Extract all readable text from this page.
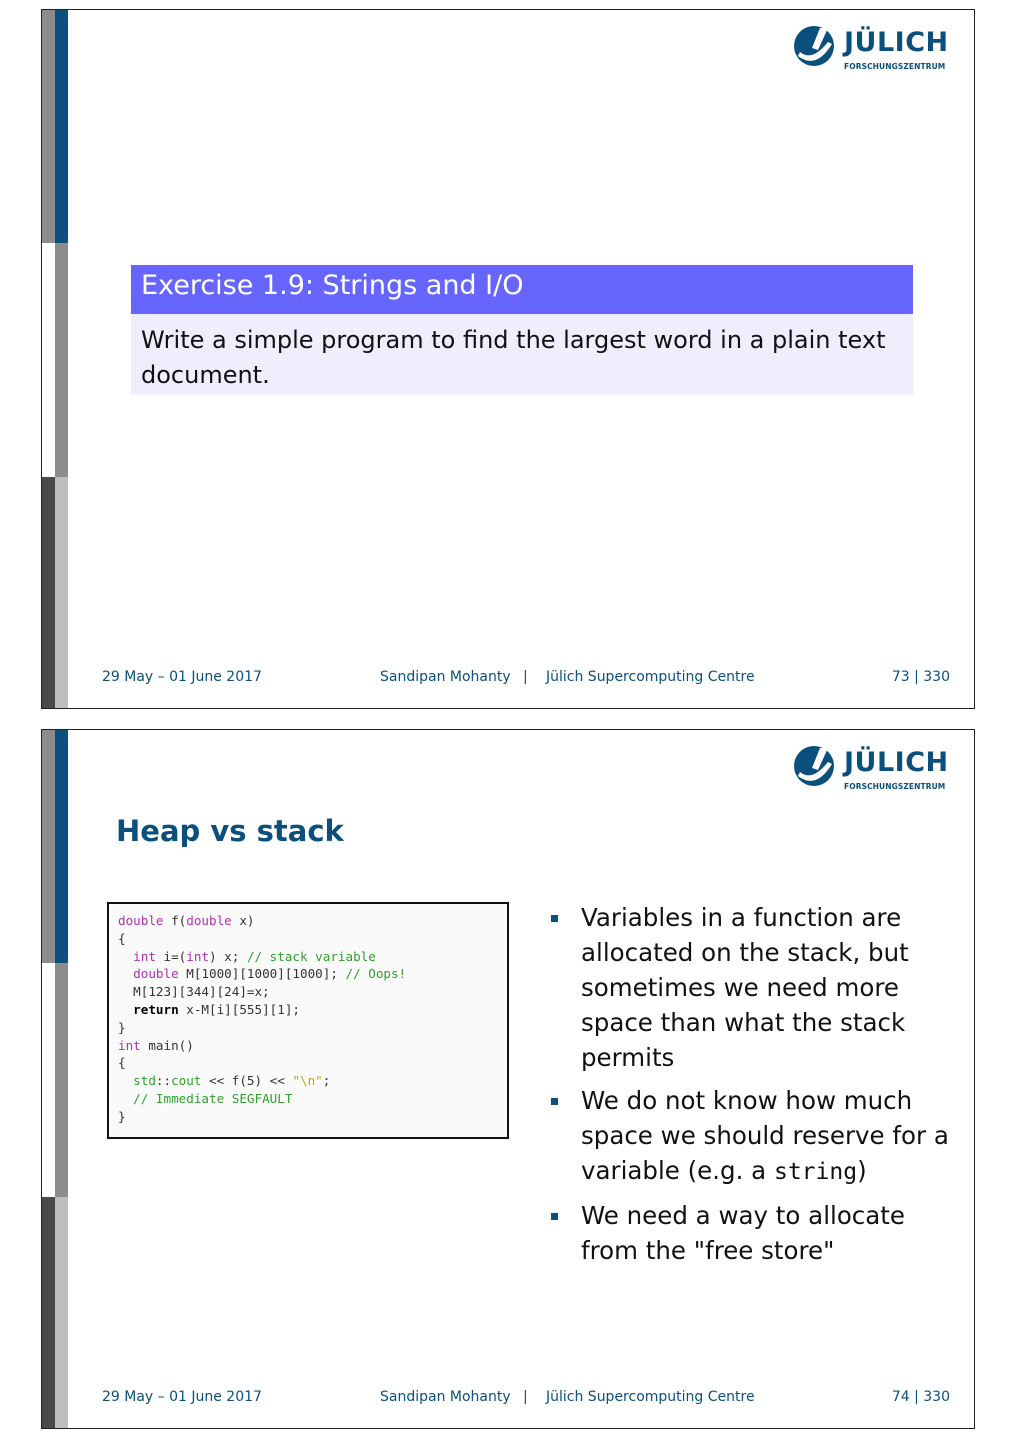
JÜLICH
FORSCHUNGSZENTRUM
Exercise 1.9: Strings and I/O
Write a simple program to find the largest word in a plain text document.
29 May – 01 June 2017	Sandipan Mohanty | Jülich Supercomputing Centre	73 | 330
JÜLICH
FORSCHUNGSZENTRUM
Heap vs stack
double f(double x)
{
int i=(int) x; // stack variable
double M[1000][1000][1000]; // Oops!
M[123][344][24]=x;
return x-M[i][555][1];
}
int main()
{
std::cout << f(5) << "\n";
// Immediate SEGFAULT
}
Variables in a function are allocated on the stack, but sometimes we need more space than what the stack permits
We do not know how much space we should reserve for a variable (e.g. a string)
We need a way to allocate from the "free store"
29 May – 01 June 2017	Sandipan Mohanty | Jülich Supercomputing Centre	74 | 330
